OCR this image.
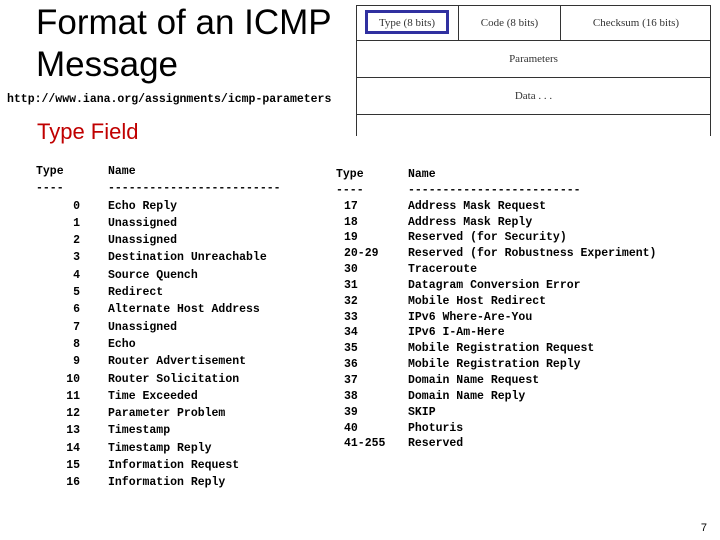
Format of an ICMP
Message
http://www.iana.org/assignments/icmp-parameters
Type Field
Type (8 bits)	Code (8 bits)	Checksum (16 bits)
Parameters
Data . . .
Type	Name
----	-------------------------
0 Echo Reply
1 Unassigned
2 Unassigned
3 Destination Unreachable
4 Source Quench
5 Redirect
6 Alternate Host Address
7 Unassigned
8 Echo
9 Router Advertisement
10 Router Solicitation
11 Time Exceeded
12 Parameter Problem
13 Timestamp
14 Timestamp Reply
15 Information Request
16 Information Reply
Type	Name
----	-------------------------
17	Address Mask Request
18	Address Mask Reply
19	Reserved (for Security)
20-29	Reserved (for Robustness Experiment)
30	Traceroute
31	Datagram Conversion Error
32	Mobile Host Redirect
33	IPv6 Where-Are-You
34	IPv6 I-Am-Here
35	Mobile Registration Request
36	Mobile Registration Reply
37	Domain Name Request
38	Domain Name Reply
39	SKIP
40	Photuris
41-255	Reserved
7
